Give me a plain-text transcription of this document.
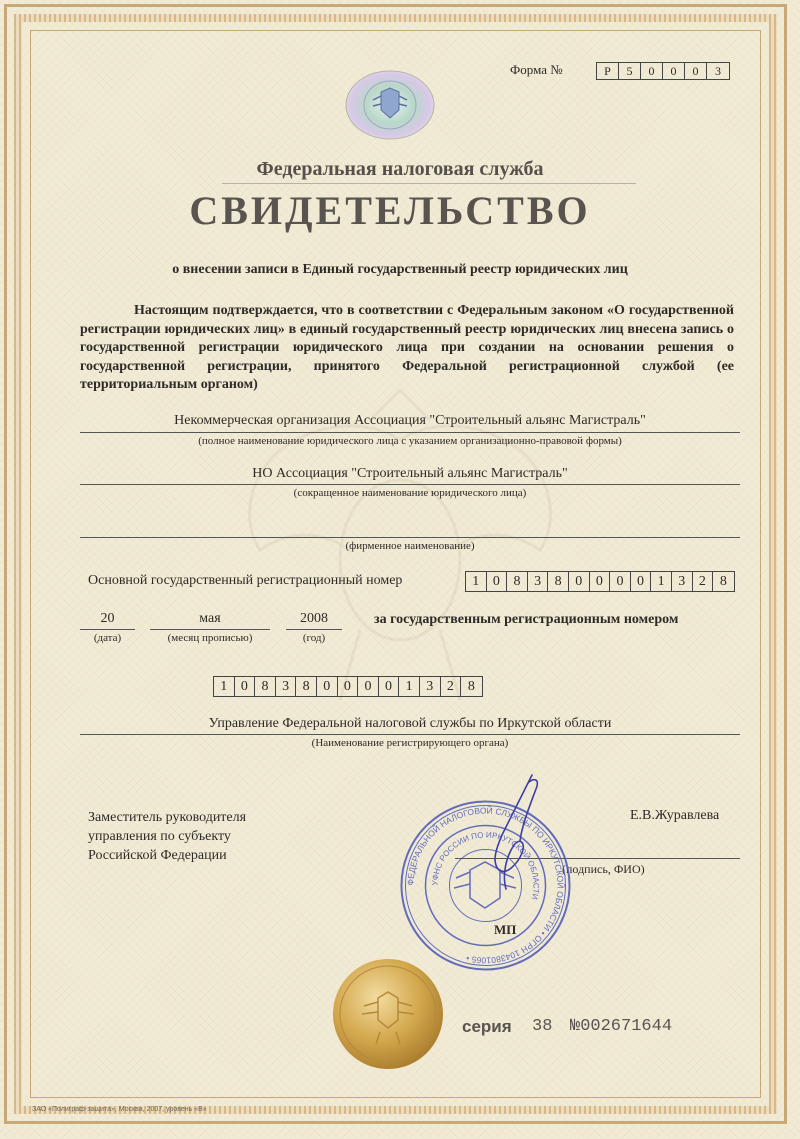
Форма №	Р	5	0	0	0	3
Федеральная налоговая служба
СВИДЕТЕЛЬСТВО
о внесении записи в Единый государственный реестр юридических лиц
Настоящим подтверждается, что в соответствии с Федеральным законом «О государственной регистрации юридических лиц» в единый государственный реестр юридических лиц внесена запись о государственной регистрации юридического лица при создании на основании решения о государственной регистрации, принятого Федеральной регистрационной службой (ее территориальным органом)
Некоммерческая организация Ассоциация "Строительный альянс Магистраль"
(полное наименование юридического лица с указанием организационно-правовой формы)
НО Ассоциация "Строительный альянс Магистраль"
(сокращенное наименование юридического лица)
(фирменное наименование)
Основной государственный регистрационный номер	1 0 8 3 8 0 0 0 0 1 3 2	8
20
(дата)
мая
(месяц прописью)
2008
(год)
за государственным регистрационным номером
1 0 8 3 8 0 0 0 0 1 3 2	8
Управление Федеральной налоговой службы по Иркутской области
(Наименование регистрирующего органа)
Заместитель руководителя
управления по субъекту
Российской Федерации
Е.В.Журавлева
(подпись, ФИО)
МП
ФЕДЕРАЛЬНОЙ НАЛОГОВОЙ СЛУЖБЫ ПО ИРКУТСКОЙ ОБЛАСТИ • ОГРН 1043801065 •
УФНС РОССИИ ПО ИРКУТСКОЙ ОБЛАСТИ
серия 38 №002671644
ЗАО «Полиграф-защита», Москва, 2007, уровень «В»
